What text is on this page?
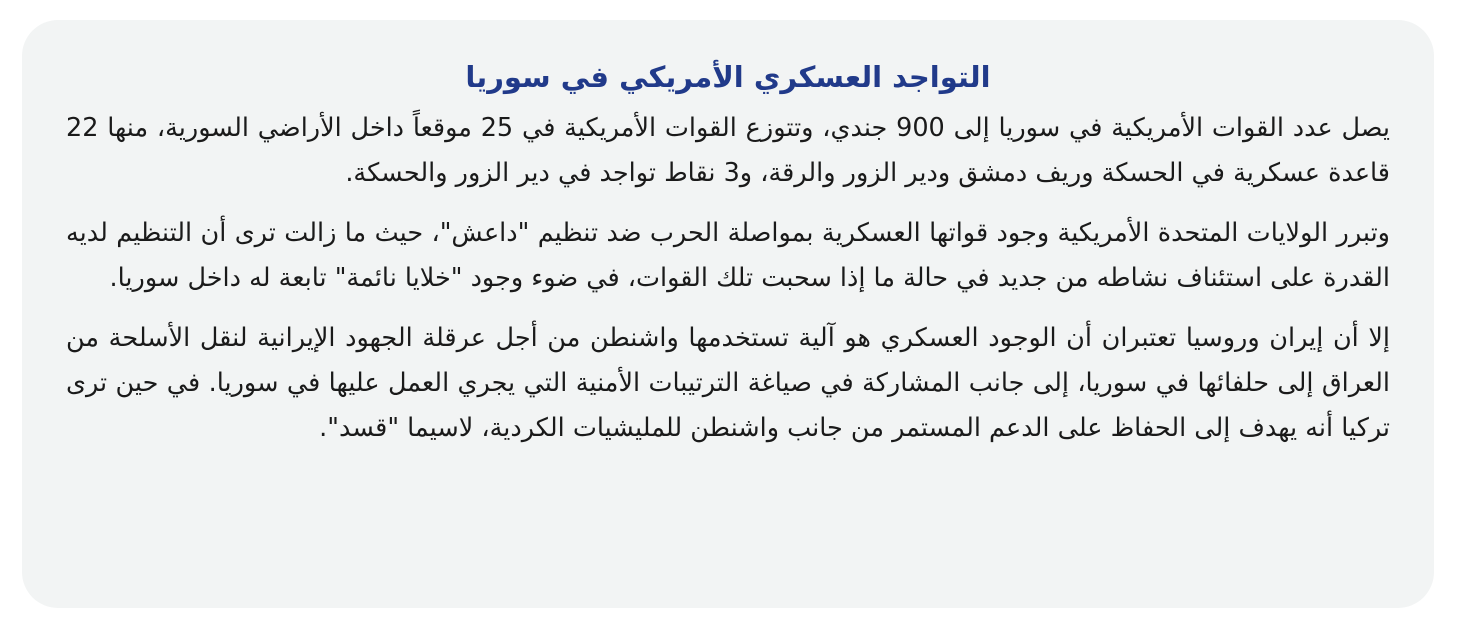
التواجد العسكري الأمريكي في سوريا

يصل عدد القوات الأمريكية في سوريا إلى 900 جندي، وتتوزع القوات الأمريكية في 25 موقعاً داخل الأراضي السورية، منها 22 قاعدة عسكرية في الحسكة وريف دمشق ودير الزور والرقة، و3 نقاط تواجد في دير الزور والحسكة.

وتبرر الولايات المتحدة الأمريكية وجود قواتها العسكرية بمواصلة الحرب ضد تنظيم "داعش"، حيث ما زالت ترى أن التنظيم لديه القدرة على استئناف نشاطه من جديد في حالة ما إذا سحبت تلك القوات، في ضوء وجود "خلايا نائمة" تابعة له داخل سوريا.

إلا أن إيران وروسيا تعتبران أن الوجود العسكري هو آلية تستخدمها واشنطن من أجل عرقلة الجهود الإيرانية لنقل الأسلحة من العراق إلى حلفائها في سوريا، إلى جانب المشاركة في صياغة الترتيبات الأمنية التي يجري العمل عليها في سوريا. في حين ترى تركيا أنه يهدف إلى الحفاظ على الدعم المستمر من جانب واشنطن للمليشيات الكردية، لاسيما "قسد".
